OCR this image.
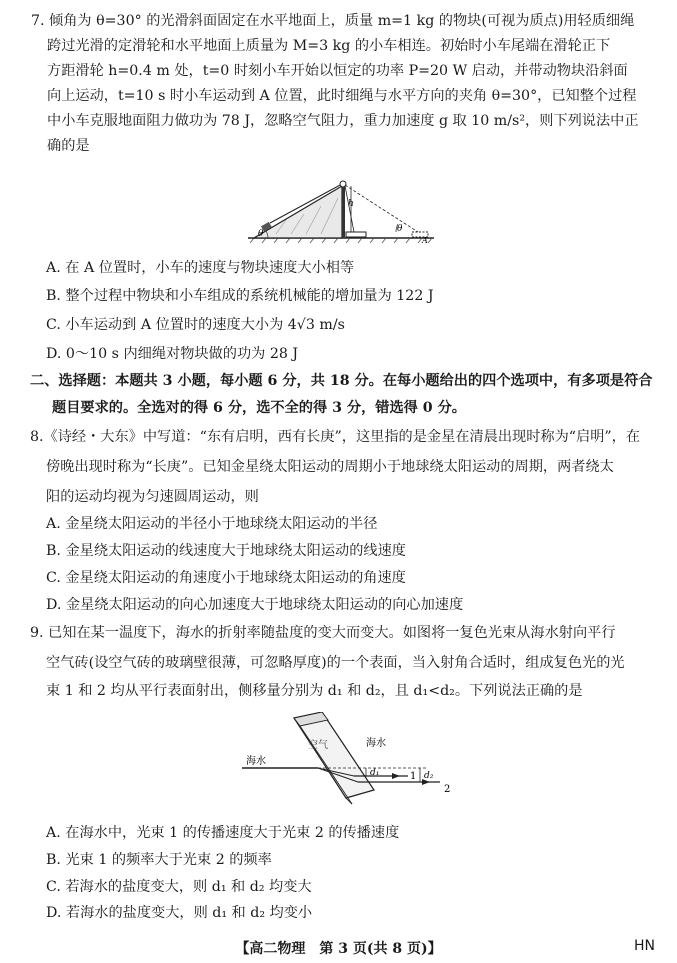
7. 倾角为 θ=30° 的光滑斜面固定在水平地面上，质量 m=1 kg 的物块(可视为质点)用轻质细绳
跨过光滑的定滑轮和水平地面上质量为 M=3 kg 的小车相连。初始时小车尾端在滑轮正下
方距滑轮 h=0.4 m 处，t=0 时刻小车开始以恒定的功率 P=20 W 启动，并带动物块沿斜面
向上运动，t=10 s 时小车运动到 A 位置，此时细绳与水平方向的夹角 θ=30°，已知整个过程
中小车克服地面阻力做功为 78 J，忽略空气阻力，重力加速度 g 取 10 m/s²，则下列说法中正
确的是
h
θ
A
θ
A. 在 A 位置时，小车的速度与物块速度大小相等
B. 整个过程中物块和小车组成的系统机械能的增加量为 122 J
C. 小车运动到 A 位置时的速度大小为 4√3 m/s
D. 0～10 s 内细绳对物块做的功为 28 J
二、选择题：本题共 3 小题，每小题 6 分，共 18 分。在每小题给出的四个选项中，有多项是符合
题目要求的。全选对的得 6 分，选不全的得 3 分，错选得 0 分。
8.《诗经・大东》中写道：“东有启明，西有长庚”，这里指的是金星在清晨出现时称为“启明”，在
傍晚出现时称为“长庚”。已知金星绕太阳运动的周期小于地球绕太阳运动的周期，两者绕太
阳的运动均视为匀速圆周运动，则
A. 金星绕太阳运动的半径小于地球绕太阳运动的半径
B. 金星绕太阳运动的线速度大于地球绕太阳运动的线速度
C. 金星绕太阳运动的角速度小于地球绕太阳运动的角速度
D. 金星绕太阳运动的向心加速度大于地球绕太阳运动的向心加速度
9. 已知在某一温度下，海水的折射率随盐度的变大而变大。如图将一复色光束从海水射向平行
空气砖(设空气砖的玻璃壁很薄，可忽略厚度)的一个表面，当入射角合适时，组成复色光的光
束 1 和 2 均从平行表面射出，侧移量分别为 d₁ 和 d₂，且 d₁<d₂。下列说法正确的是
d₁	d₂
1
2
空气	海水
海水
A. 在海水中，光束 1 的传播速度大于光束 2 的传播速度
B. 光束 1 的频率大于光束 2 的频率
C. 若海水的盐度变大，则 d₁ 和 d₂ 均变大
D. 若海水的盐度变大，则 d₁ 和 d₂ 均变小
【高二物理　第 3 页(共 8 页)】	HN
